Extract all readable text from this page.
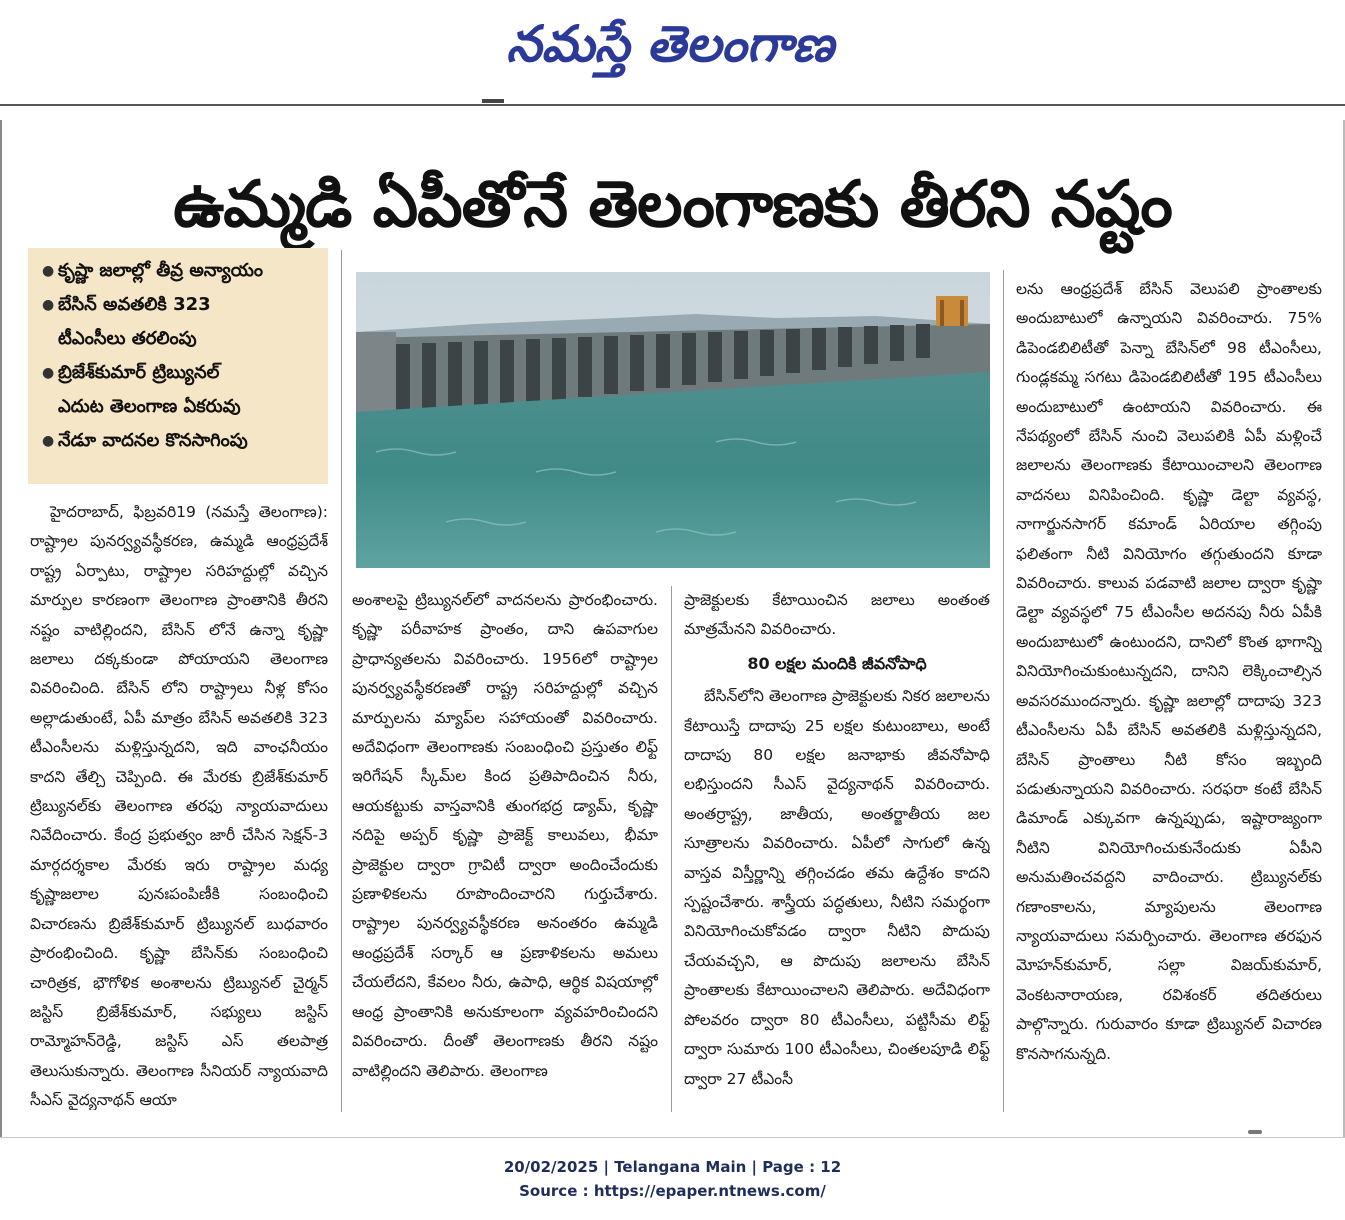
నమస్తే తెలంగాణ
ఉమ్మడి ఏపీతోనే తెలంగాణకు తీరని నష్టం
● కృష్ణా జలాల్లో తీవ్ర అన్యాయం
● బేసిన్ అవతలికి 323
టీఎంసీలు తరలింపు
● బ్రిజేశ్‌కుమార్ ట్రిబ్యునల్
ఎదుట తెలంగాణ ఏకరువు
● నేడూ వాదనల కొనసాగింపు
హైదరాబాద్, ఫిబ్రవరి19 (నమస్తే తెలంగాణ): రాష్ట్రాల పునర్వ్యవస్థీకరణ, ఉమ్మడి ఆంధ్రప్రదేశ్ రాష్ట్ర ఏర్పాటు, రాష్ట్రాల సరిహద్దుల్లో వచ్చిన మార్పుల కారణంగా తెలంగాణ ప్రాంతానికి తీరని నష్టం వాటిల్లిందని, బేసిన్ లోనే ఉన్నా కృష్ణా జలాలు దక్కకుండా పోయాయని తెలంగాణ వివరించింది. బేసిన్ లోని రాష్ట్రాలు నీళ్ల కోసం అల్లాడుతుంటే, ఏపీ మాత్రం బేసిన్ అవతలికి 323 టీఎంసీలను మళ్లిస్తున్నదని, ఇది వాంఛనీయం కాదని తేల్చి చెప్పింది. ఈ మేరకు బ్రిజేశ్‌కుమార్ ట్రిబ్యునల్‌కు తెలంగాణ తరఫు న్యాయవాదులు నివేదించారు. కేంద్ర ప్రభుత్వం జారీ చేసిన సెక్షన్-3 మార్గదర్శకాల మేరకు ఇరు రాష్ట్రాల మధ్య కృష్ణాజలాల పునఃపంపిణీకి సంబంధించి విచారణను బ్రిజేశ్‌కుమార్ ట్రిబ్యునల్ బుధవారం ప్రారంభించింది. కృష్ణా బేసిన్‌కు సంబంధించి చారిత్రక, భౌగోళిక అంశాలను ట్రిబ్యునల్ చైర్మన్ జస్టిస్ బ్రిజేశ్‌కుమార్, సభ్యులు జస్టిస్ రామ్మోహన్‌రెడ్డి, జస్టిస్ ఎస్ తలపాత్ర తెలుసుకున్నారు. తెలంగాణ సీనియర్ న్యాయవాది సీఎస్ వైద్యనాథన్ ఆయా
అంశాలపై ట్రిబ్యునల్‌లో వాదనలను ప్రారంభించారు. కృష్ణా పరీవాహక ప్రాంతం, దాని ఉపవాగుల ప్రాధాన్యతలను వివరించారు. 1956లో రాష్ట్రాల పునర్వ్యవస్థీకరణతో రాష్ట్ర సరిహద్దుల్లో వచ్చిన మార్పులను మ్యాప్‌ల సహాయంతో వివరించారు. అదేవిధంగా తెలంగాణకు సంబంధించి ప్రస్తుతం లిఫ్ట్ ఇరిగేషన్ స్కీమ్‌ల కింద ప్రతిపాదించిన నీరు, ఆయకట్టుకు వాస్తవానికి తుంగభద్ర డ్యామ్, కృష్ణా నదిపై అప్పర్ కృష్ణా ప్రాజెక్ట్ కాలువలు, భీమా ప్రాజెక్టుల ద్వారా గ్రావిటీ ద్వారా అందించేందుకు ప్రణాళికలను రూపొందించారని గుర్తుచేశారు. రాష్ట్రాల పునర్వ్యవస్థీకరణ అనంతరం ఉమ్మడి ఆంధ్రప్రదేశ్ సర్కార్ ఆ ప్రణాళికలను అమలు చేయలేదని, కేవలం నీరు, ఉపాధి, ఆర్థిక విషయాల్లో ఆంధ్ర ప్రాంతానికి అనుకూలంగా వ్యవహరించిందని వివరించారు. దీంతో తెలంగాణకు తీరని నష్టం వాటిల్లిందని తెలిపారు. తెలంగాణ

ప్రాజెక్టులకు కేటాయించిన జలాలు అంతంత మాత్రమేనని వివరించారు.

80 లక్షల మందికి జీవనోపాధి

బేసిన్‌లోని తెలంగాణ ప్రాజెక్టులకు నికర జలాలను కేటాయిస్తే దాదాపు 25 లక్షల కుటుంబాలు, అంటే దాదాపు 80 లక్షల జనాభాకు జీవనోపాధి లభిస్తుందని సీఎస్ వైద్యనాథన్ వివరించారు. అంతర్రాష్ట్ర, జాతీయ, అంతర్జాతీయ జల సూత్రాలను వివరించారు. ఏపీలో సాగులో ఉన్న వాస్తవ విస్తీర్ణాన్ని తగ్గించడం తమ ఉద్దేశం కాదని స్పష్టంచేశారు. శాస్త్రీయ పద్ధతులు, నీటిని సమర్థంగా వినియోగించుకోవడం ద్వారా నీటిని పొదుపు చేయవచ్చని, ఆ పొదుపు జలాలను బేసిన్ ప్రాంతాలకు కేటాయించాలని తెలిపారు. అదేవిధంగా పోలవరం ద్వారా 80 టీఎంసీలు, పట్టిసీమ లిఫ్ట్ ద్వారా సుమారు 100 టీఎంసీలు, చింతలపూడి లిఫ్ట్ ద్వారా 27 టీఎంసీ

లను ఆంధ్రప్రదేశ్ బేసిన్ వెలుపలి ప్రాంతాలకు అందుబాటులో ఉన్నాయని వివరించారు. 75% డిపెండబిలిటీతో పెన్నా బేసిన్‌లో 98 టీఎంసీలు, గుండ్లకమ్మ సగటు డిపెండబిలిటీతో 195 టీఎంసీలు అందుబాటులో ఉంటాయని వివరించారు. ఈ నేపథ్యంలో బేసిన్ నుంచి వెలుపలికి ఏపీ మళ్లించే జలాలను తెలంగాణకు కేటాయించాలని తెలంగాణ వాదనలు వినిపించింది. కృష్ణా డెల్టా వ్యవస్థ, నాగార్జునసాగర్ కమాండ్ ఏరియాల తగ్గింపు ఫలితంగా నీటి వినియోగం తగ్గుతుందని కూడా వివరించారు. కాలువ పడవాటి జలాల ద్వారా కృష్ణా డెల్టా వ్యవస్థలో 75 టీఎంసీల అదనపు నీరు ఏపీకి అందుబాటులో ఉంటుందని, దానిలో కొంత భాగాన్ని వినియోగించుకుంటున్నదని, దానిని లెక్కించాల్సిన అవసరముందన్నారు. కృష్ణా జలాల్లో దాదాపు 323 టీఎంసీలను ఏపీ బేసిన్ అవతలికి మళ్లిస్తున్నదని, బేసిన్ ప్రాంతాలు నీటి కోసం ఇబ్బంది పడుతున్నాయని వివరించారు. సరఫరా కంటే బేసిన్ డిమాండ్ ఎక్కువగా ఉన్నప్పుడు, ఇష్టారాజ్యంగా నీటిని వినియోగించుకునేందుకు ఏపీని అనుమతించవద్దని వాదించారు. ట్రిబ్యునల్‌కు గణాంకాలను, మ్యాపులను తెలంగాణ న్యాయవాదులు సమర్పించారు. తెలంగాణ తరఫున మోహన్‌కుమార్, సల్లా విజయ్‌కుమార్, వెంకటనారాయణ, రవిశంకర్ తదితరులు పాల్గొన్నారు. గురువారం కూడా ట్రిబ్యునల్ విచారణ కొనసాగనున్నది.
20/02/2025 | Telangana Main | Page : 12
Source : https://epaper.ntnews.com/
